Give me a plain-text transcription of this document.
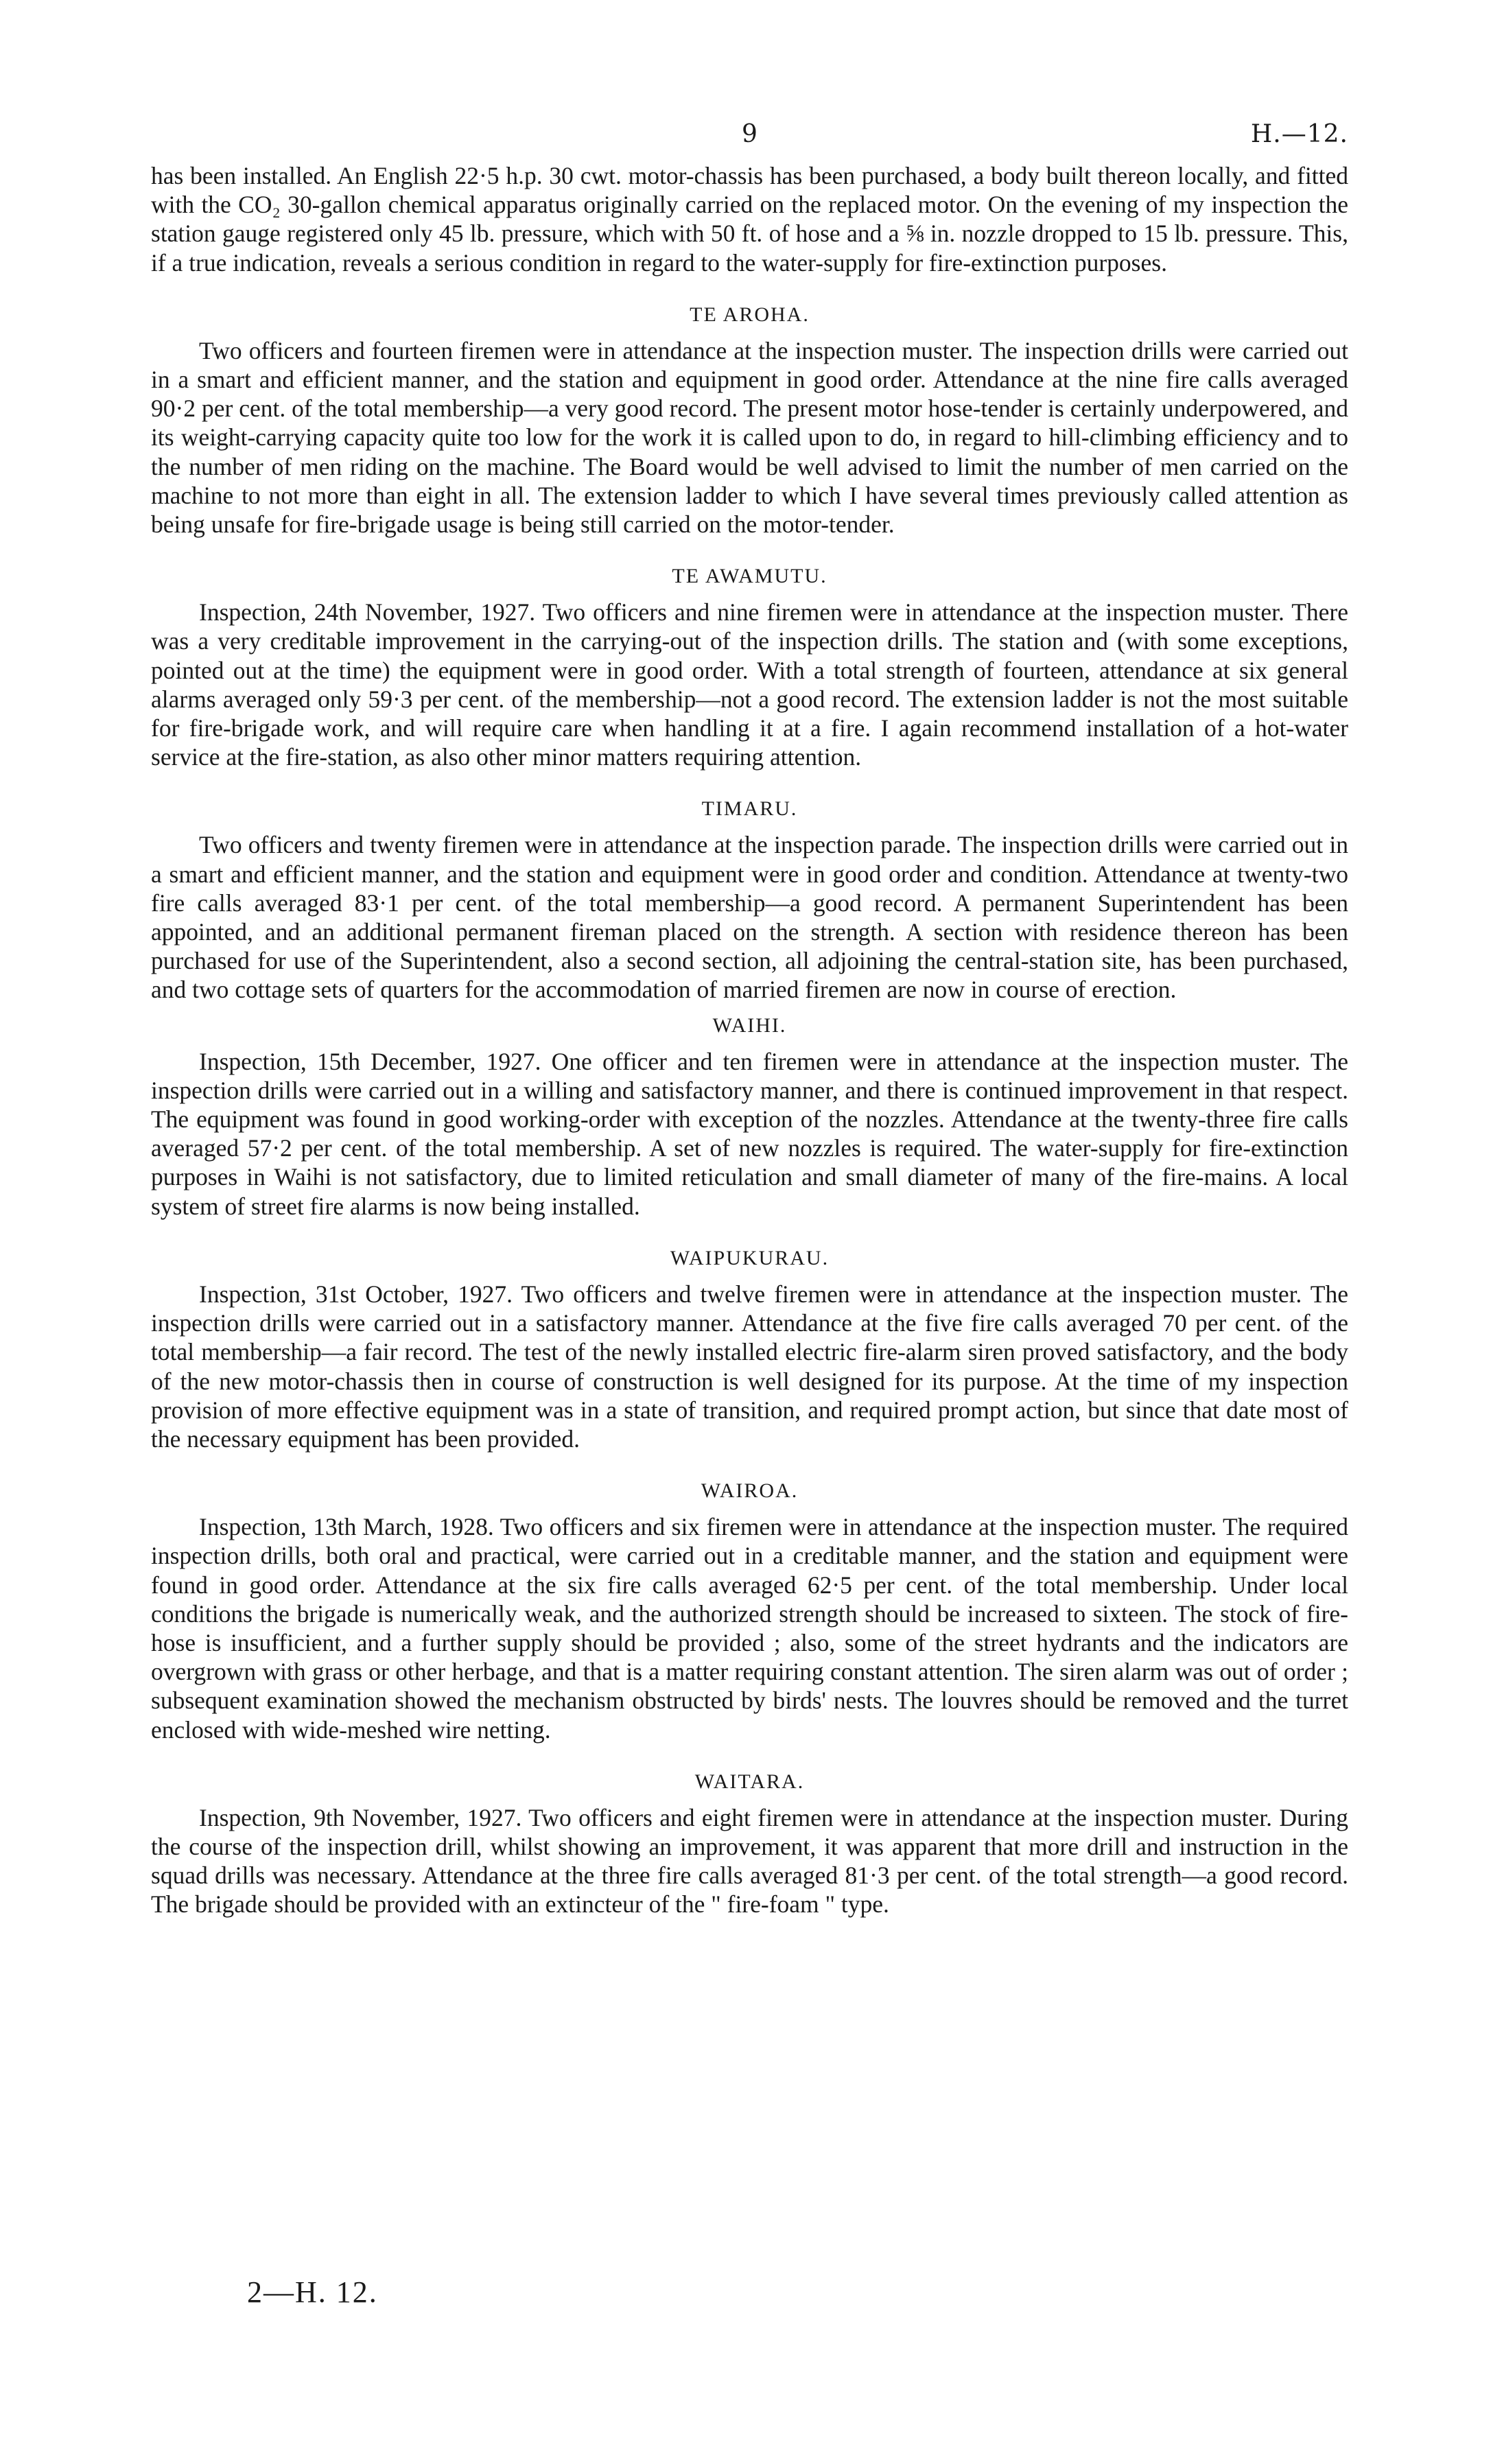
9	H.—12.

has been installed. An English 22·5 h.p. 30 cwt. motor-chassis has been purchased, a body built thereon locally, and fitted with the CO₂ 30-gallon chemical apparatus originally carried on the replaced motor. On the evening of my inspection the station gauge registered only 45 lb. pressure, which with 50 ft. of hose and a ⅝ in. nozzle dropped to 15 lb. pressure. This, if a true indication, reveals a serious condition in regard to the water-supply for fire-extinction purposes.

TE AROHA.

Two officers and fourteen firemen were in attendance at the inspection muster. The inspection drills were carried out in a smart and efficient manner, and the station and equipment in good order. Attendance at the nine fire calls averaged 90·2 per cent. of the total membership—a very good record. The present motor hose-tender is certainly underpowered, and its weight-carrying capacity quite too low for the work it is called upon to do, in regard to hill-climbing efficiency and to the number of men riding on the machine. The Board would be well advised to limit the number of men carried on the machine to not more than eight in all. The extension ladder to which I have several times previously called attention as being unsafe for fire-brigade usage is being still carried on the motor-tender.

TE AWAMUTU.

Inspection, 24th November, 1927. Two officers and nine firemen were in attendance at the inspection muster. There was a very creditable improvement in the carrying-out of the inspection drills. The station and (with some exceptions, pointed out at the time) the equipment were in good order. With a total strength of fourteen, attendance at six general alarms averaged only 59·3 per cent. of the membership—not a good record. The extension ladder is not the most suitable for fire-brigade work, and will require care when handling it at a fire. I again recommend installation of a hot-water service at the fire-station, as also other minor matters requiring attention.

TIMARU.

Two officers and twenty firemen were in attendance at the inspection parade. The inspection drills were carried out in a smart and efficient manner, and the station and equipment were in good order and condition. Attendance at twenty-two fire calls averaged 83·1 per cent. of the total membership—a good record. A permanent Superintendent has been appointed, and an additional permanent fireman placed on the strength. A section with residence thereon has been purchased for use of the Superintendent, also a second section, all adjoining the central-station site, has been purchased, and two cottage sets of quarters for the accommodation of married firemen are now in course of erection.

WAIHI.

Inspection, 15th December, 1927. One officer and ten firemen were in attendance at the inspection muster. The inspection drills were carried out in a willing and satisfactory manner, and there is continued improvement in that respect. The equipment was found in good working-order with exception of the nozzles. Attendance at the twenty-three fire calls averaged 57·2 per cent. of the total membership. A set of new nozzles is required. The water-supply for fire-extinction purposes in Waihi is not satisfactory, due to limited reticulation and small diameter of many of the fire-mains. A local system of street fire alarms is now being installed.

WAIPUKURAU.

Inspection, 31st October, 1927. Two officers and twelve firemen were in attendance at the inspection muster. The inspection drills were carried out in a satisfactory manner. Attendance at the five fire calls averaged 70 per cent. of the total membership—a fair record. The test of the newly installed electric fire-alarm siren proved satisfactory, and the body of the new motor-chassis then in course of construction is well designed for its purpose. At the time of my inspection provision of more effective equipment was in a state of transition, and required prompt action, but since that date most of the necessary equipment has been provided.

WAIROA.

Inspection, 13th March, 1928. Two officers and six firemen were in attendance at the inspection muster. The required inspection drills, both oral and practical, were carried out in a creditable manner, and the station and equipment were found in good order. Attendance at the six fire calls averaged 62·5 per cent. of the total membership. Under local conditions the brigade is numerically weak, and the authorized strength should be increased to sixteen. The stock of fire-hose is insufficient, and a further supply should be provided ; also, some of the street hydrants and the indicators are overgrown with grass or other herbage, and that is a matter requiring constant attention. The siren alarm was out of order ; subsequent examination showed the mechanism obstructed by birds' nests. The louvres should be removed and the turret enclosed with wide-meshed wire netting.

WAITARA.

Inspection, 9th November, 1927. Two officers and eight firemen were in attendance at the inspection muster. During the course of the inspection drill, whilst showing an improvement, it was apparent that more drill and instruction in the squad drills was necessary. Attendance at the three fire calls averaged 81·3 per cent. of the total strength—a good record. The brigade should be provided with an extincteur of the " fire-foam " type.

2—H. 12.
